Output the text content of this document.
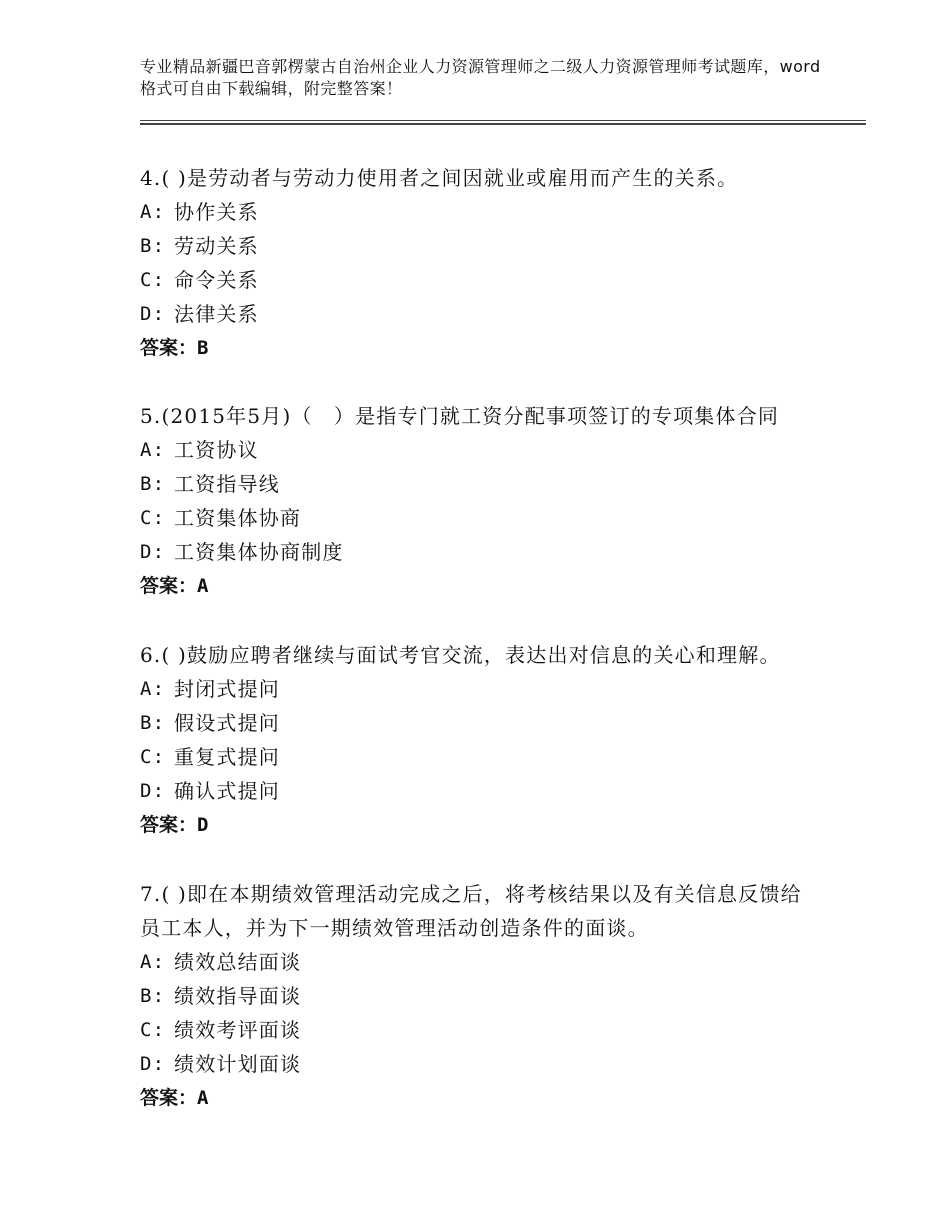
专业精品新疆巴音郭楞蒙古自治州企业人力资源管理师之二级人力资源管理师考试题库，word格式可自由下载编辑，附完整答案！

4.( )是劳动者与劳动力使用者之间因就业或雇用而产生的关系。

A: 协作关系

B: 劳动关系

C: 命令关系

D: 法律关系

答案：B

5.(2015年5月)（　）是指专门就工资分配事项签订的专项集体合同

A: 工资协议

B: 工资指导线

C: 工资集体协商

D: 工资集体协商制度

答案：A

6.( )鼓励应聘者继续与面试考官交流，表达出对信息的关心和理解。

A: 封闭式提问

B: 假设式提问

C: 重复式提问

D: 确认式提问

答案：D

7.( )即在本期绩效管理活动完成之后，将考核结果以及有关信息反馈给员工本人，并为下一期绩效管理活动创造条件的面谈。

A: 绩效总结面谈

B: 绩效指导面谈

C: 绩效考评面谈

D: 绩效计划面谈

答案：A
